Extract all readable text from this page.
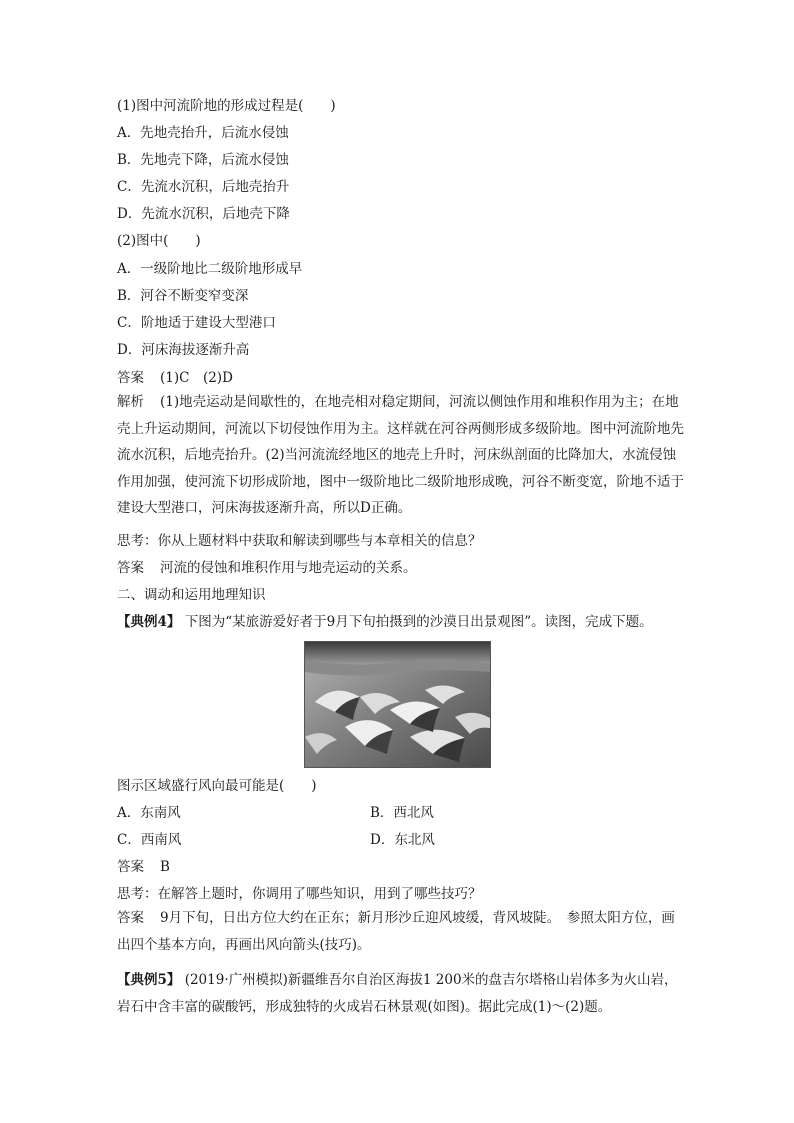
(1)图中河流阶地的形成过程是(　　)
A．先地壳抬升，后流水侵蚀
B．先地壳下降，后流水侵蚀
C．先流水沉积，后地壳抬升
D．先流水沉积，后地壳下降
(2)图中(　　)
A．一级阶地比二级阶地形成早
B．河谷不断变窄变深
C．阶地适于建设大型港口
D．河床海拔逐渐升高
答案 (1)C　(2)D
解析 (1)地壳运动是间歇性的，在地壳相对稳定期间，河流以侧蚀作用和堆积作用为主；在地壳上升运动期间，河流以下切侵蚀作用为主。这样就在河谷两侧形成多级阶地。图中河流阶地先流水沉积，后地壳抬升。(2)当河流流经地区的地壳上升时，河床纵剖面的比降加大，水流侵蚀作用加强，使河流下切形成阶地，图中一级阶地比二级阶地形成晚，河谷不断变宽，阶地不适于建设大型港口，河床海拔逐渐升高，所以D正确。
思考：你从上题材料中获取和解读到哪些与本章相关的信息？
答案 河流的侵蚀和堆积作用与地壳运动的关系。
二、调动和运用地理知识
【典例4】 下图为“某旅游爱好者于9月下旬拍摄到的沙漠日出景观图”。读图，完成下题。
图示区域盛行风向最可能是(　　)
A．东南风	B．西北风
C．西南风	D．东北风
答案 B
思考：在解答上题时，你调用了哪些知识，用到了哪些技巧？
答案 9月下旬，日出方位大约在正东；新月形沙丘迎风坡缓，背风坡陡。　参照太阳方位，画出四个基本方向，再画出风向箭头(技巧)。
【典例5】 (2019·广州模拟)新疆维吾尔自治区海拔1 200米的盘吉尔塔格山岩体多为火山岩，岩石中含丰富的碳酸钙，形成独特的火成岩石林景观(如图)。据此完成(1)～(2)题。
